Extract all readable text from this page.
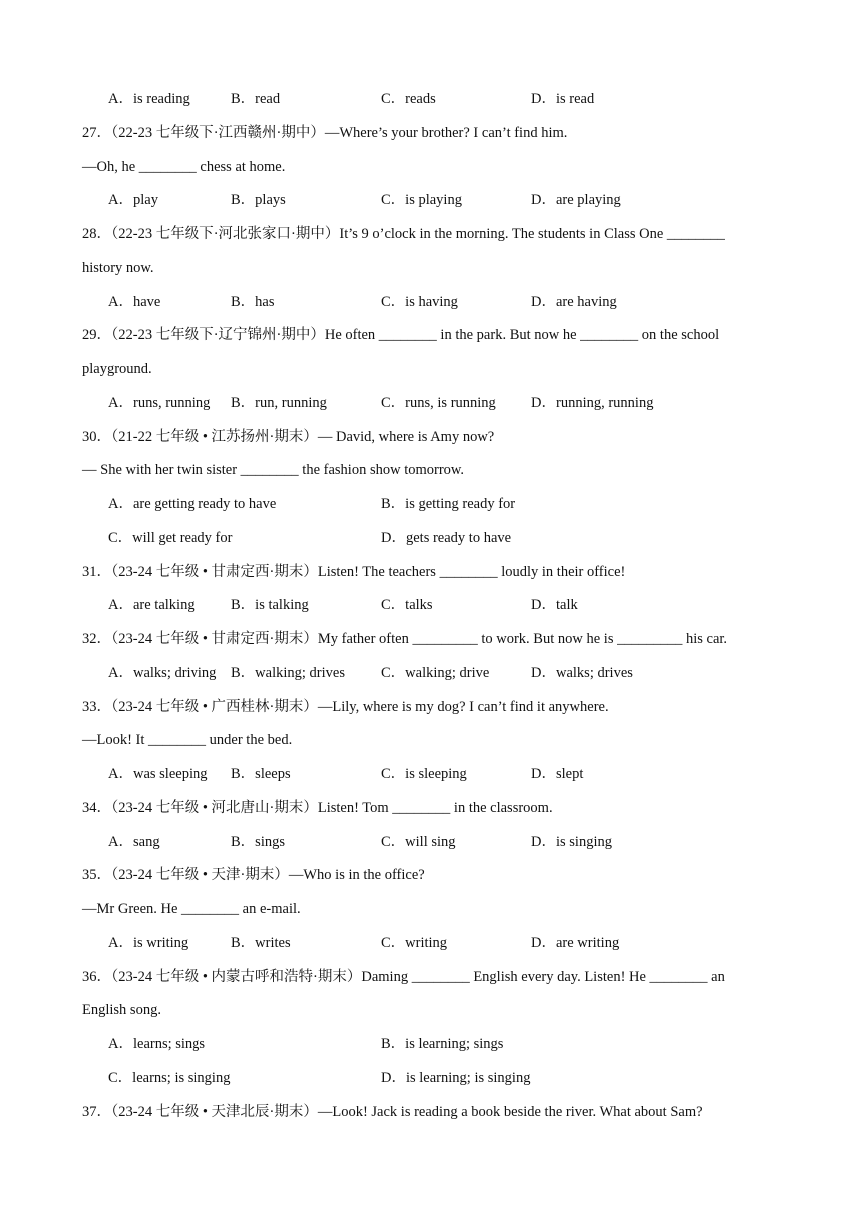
A．is reading	B．read	C．reads	D．is read
27．（22-23 七年级下·江西赣州·期中）—Where’s your brother? I can’t find him.
—Oh, he ________ chess at home.
A．play	B．plays	C．is playing	D．are playing
28．（22-23 七年级下·河北张家口·期中）It’s 9 o’clock in the morning. The students in Class One ________
history now.
A．have	B．has	C．is having	D．are having
29．（22-23 七年级下·辽宁锦州·期中）He often ________ in the park. But now he ________ on the school
playground.
A．runs, running B．run, running	C．runs, is running D．running, running
30．（21-22 七年级 • 江苏扬州·期末）— David, where is Amy now?
— She with her twin sister ________ the fashion show tomorrow.
A．are getting ready to have	B．is getting ready for
C．will get ready for	D．gets ready to have
31．（23-24 七年级 • 甘肃定西·期末）Listen! The teachers ________ loudly in their office!
A．are talking	B．is talking	C．talks	D．talk
32．（23-24 七年级 • 甘肃定西·期末）My father often _________ to work. But now he is _________ his car.
A．walks; driving B．walking; drives C．walking; drive	D．walks; drives
33．（23-24 七年级 • 广西桂林·期末）—Lily, where is my dog? I can’t find it anywhere.
—Look! It ________ under the bed.
A．was sleeping B．sleeps	C．is sleeping	D．slept
34．（23-24 七年级 • 河北唐山·期末）Listen! Tom ________ in the classroom.
A．sang	B．sings	C．will sing	D．is singing
35．（23-24 七年级 • 天津·期末）—Who is in the office?
—Mr Green. He ________ an e-mail.
A．is writing	B．writes	C．writing	D．are writing
36．（23-24 七年级 • 内蒙古呼和浩特·期末）Daming ________ English every day. Listen! He ________ an
English song.
A．learns; sings	B．is learning; sings
C．learns; is singing	D．is learning; is singing
37．（23-24 七年级 • 天津北辰·期末）—Look! Jack is reading a book beside the river. What about Sam?
